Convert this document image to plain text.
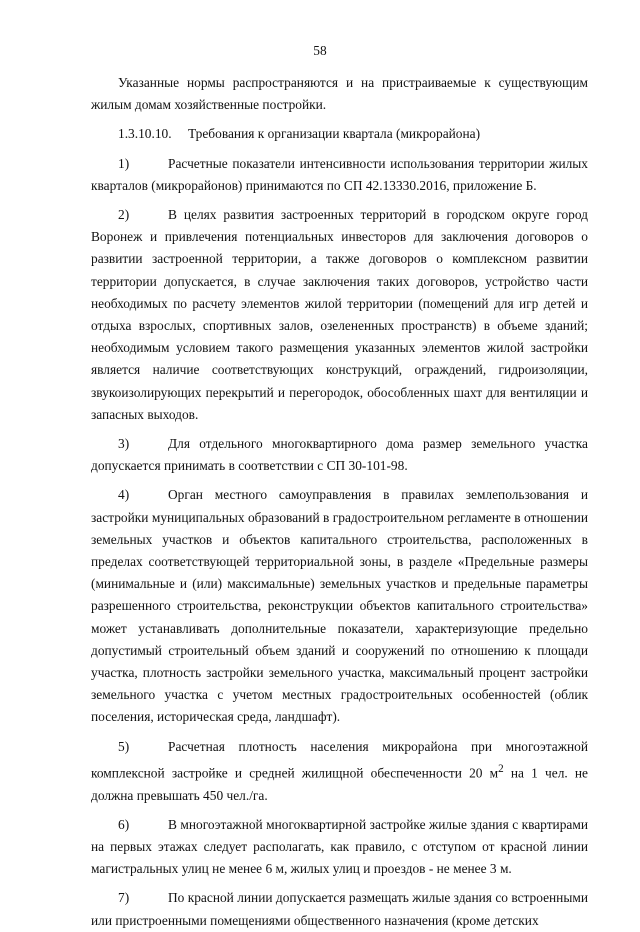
58

Указанные нормы распространяются и на пристраиваемые к существующим жилым домам хозяйственные постройки.

1.3.10.10. Требования к организации квартала (микрорайона)

1)	Расчетные показатели интенсивности использования территории жилых кварталов (микрорайонов) принимаются по СП 42.13330.2016, приложение Б.

2)	В целях развития застроенных территорий в городском округе город Воронеж и привлечения потенциальных инвесторов для заключения договоров о развитии застроенной территории, а также договоров о комплексном развитии территории допускается, в случае заключения таких договоров, устройство части необходимых по расчету элементов жилой территории (помещений для игр детей и отдыха взрослых, спортивных залов, озелененных пространств) в объеме зданий; необходимым условием такого размещения указанных элементов жилой застройки является наличие соответствующих конструкций, ограждений, гидроизоляции, звукоизолирующих перекрытий и перегородок, обособленных шахт для вентиляции и запасных выходов.

3)	Для отдельного многоквартирного дома размер земельного участка допускается принимать в соответствии с СП 30-101-98.

4)	Орган местного самоуправления в правилах землепользования и застройки муниципальных образований в градостроительном регламенте в отношении земельных участков и объектов капитального строительства, расположенных в пределах соответствующей территориальной зоны, в разделе «Предельные размеры (минимальные и (или) максимальные) земельных участков и предельные параметры разрешенного строительства, реконструкции объектов капитального строительства» может устанавливать дополнительные показатели, характеризующие предельно допустимый строительный объем зданий и сооружений по отношению к площади участка, плотность застройки земельного участка, максимальный процент застройки земельного участка с учетом местных градостроительных особенностей (облик поселения, историческая среда, ландшафт).

5)	Расчетная плотность населения микрорайона при многоэтажной комплексной застройке и средней жилищной обеспеченности 20 $м^2$ на 1 чел. не должна превышать 450 чел./га.

6)	В многоэтажной многоквартирной застройке жилые здания с квартирами на первых этажах следует располагать, как правило, с отступом от красной линии магистральных улиц не менее 6 м, жилых улиц и проездов - не менее 3 м.

7)	По красной линии допускается размещать жилые здания со встроенными или пристроенными помещениями общественного назначения (кроме детских
